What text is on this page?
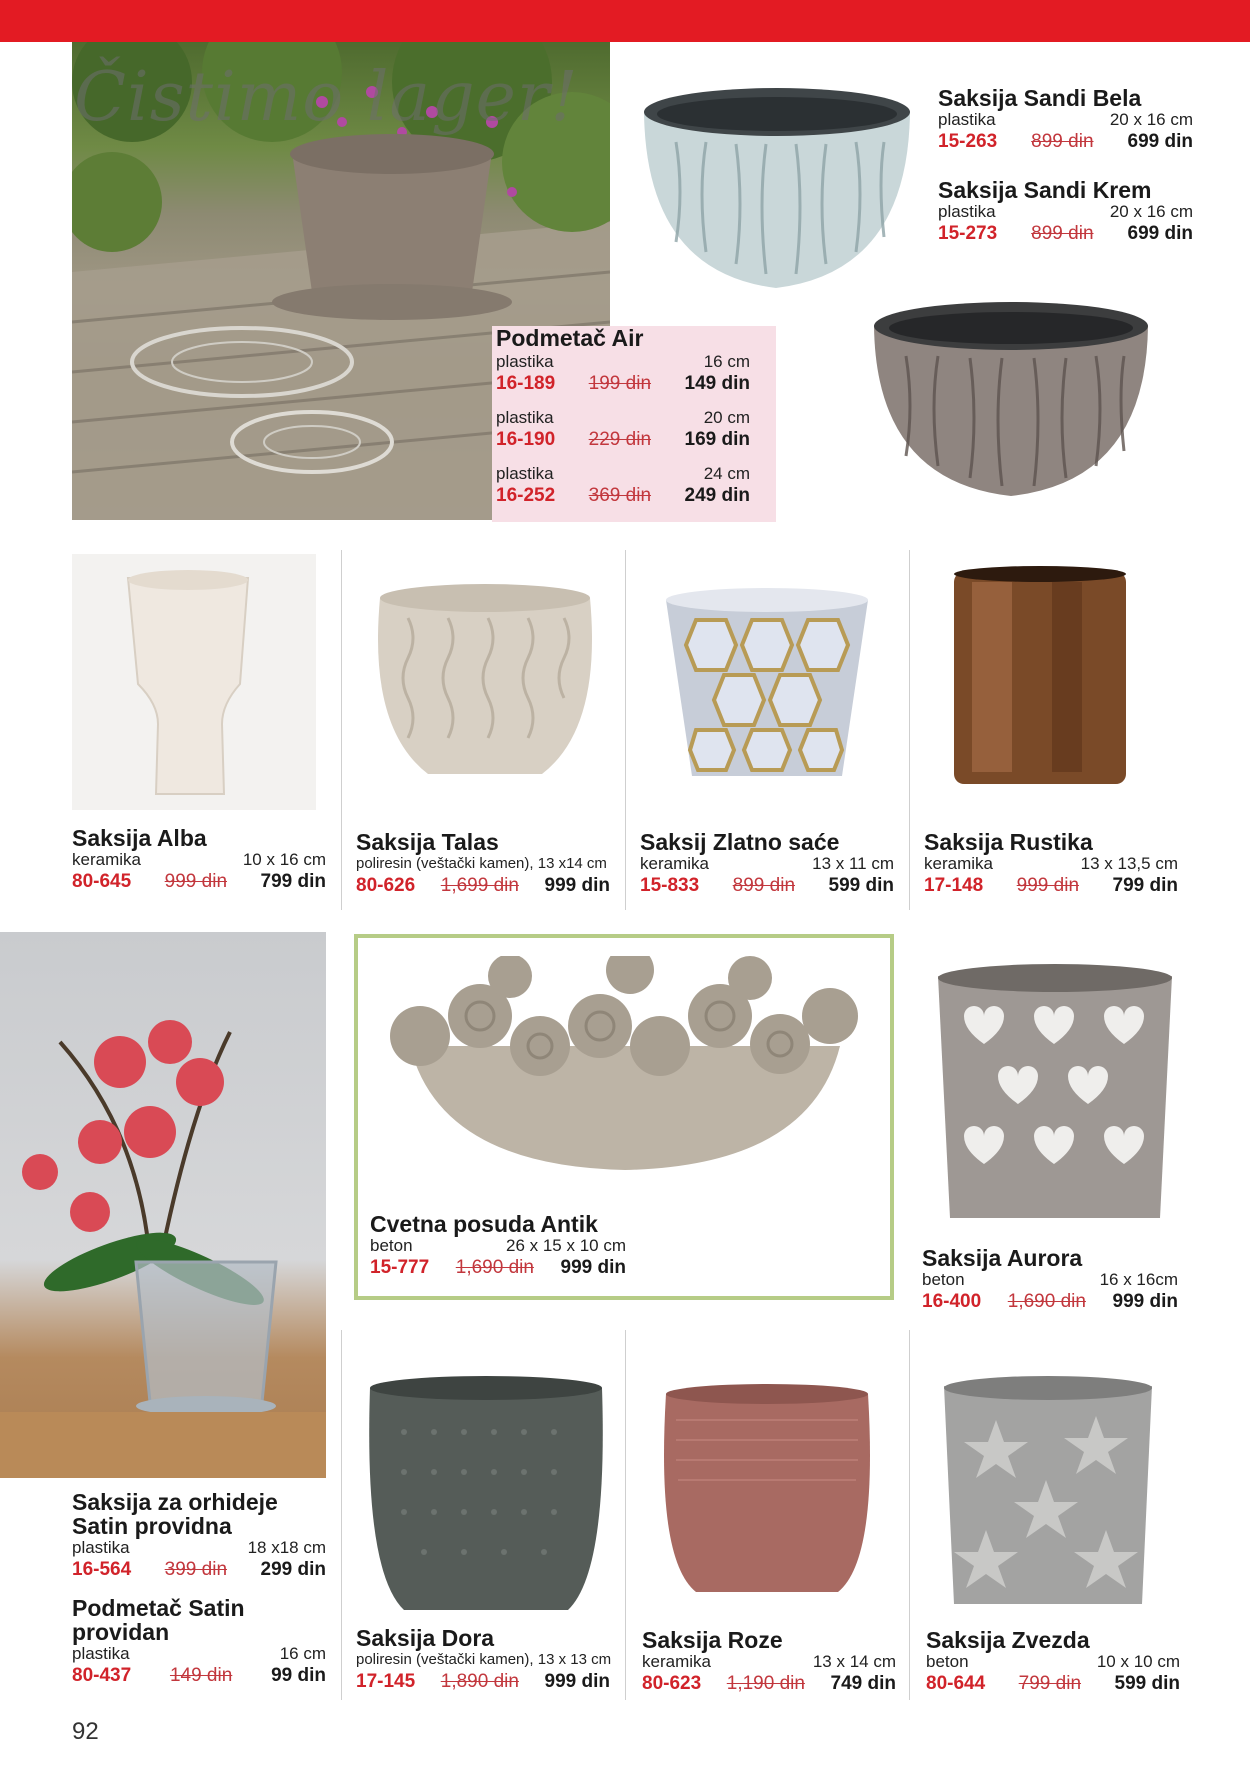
Čistimo lager!	Saksija Sandi Bela
plastika	20 x 16 cm
15-263 899 din 699 din
Saksija Sandi Krem
plastika	20 x 16 cm
15-273 899 din 699 din
Podmetač Air
plastika	16 cm
16-189 199 din 149 din
plastika	20 cm
16-190 229 din 169 din
plastika	24 cm
16-252 369 din 249 din
Saksija Alba
keramika	10 x 16 cm
80-645 999 din 799 din
Saksija Talas
poliresin (veštački kamen), 13 x14 cm
80-626 1,699 din 999 din
Saksij Zlatno saće
keramika	13 x 11 cm
15-833 899 din 599 din
Saksija Rustika
keramika	13 x 13,5 cm
17-148 999 din 799 din
Cvetna posuda Antik
beton	26 x 15 x 10 cm
15-777 1,690 din 999 din	Saksija Aurora
beton	16 x 16cm
16-400 1,690 din 999 din
Saksija za orhideje
Satin providna
plastika	18 x18 cm
16-564 399 din 299 din
Podmetač Satin
providan
plastika	16 cm
80-437 149 din 99 din
Saksija Dora
poliresin (veštački kamen), 13 x 13 cm
17-145 1,890 din 999 din
Saksija Roze
keramika	13 x 14 cm
80-623 1,190 din 749 din
Saksija Zvezda
beton	10 x 10 cm
80-644 799 din 599 din
92
